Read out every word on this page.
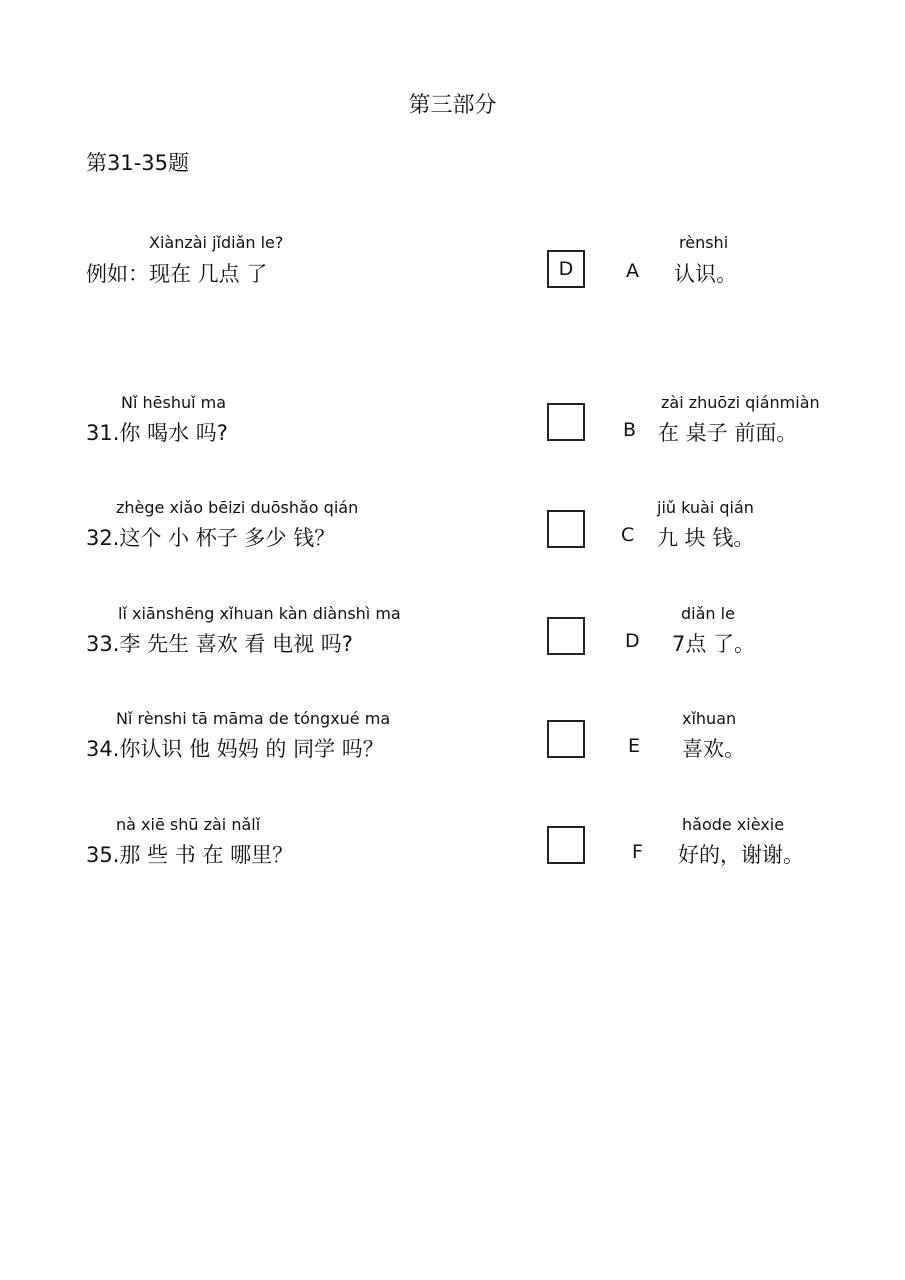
第三部分
第31-35题
Xiànzài jǐdiǎn le?
例如：现在 几点 了	D
Nǐ hēshuǐ ma
31.你 喝水 吗?
zhège xiǎo bēizi duōshǎo qián
32.这个 小 杯子 多少 钱？
lǐ xiānshēng xǐhuan kàn diànshì ma
33.李 先生 喜欢 看 电视 吗?
Nǐ rènshi tā māma de tóngxué ma
34.你认识 他 妈妈 的 同学 吗？
nà xiē shū zài nǎlǐ
35.那 些 书 在 哪里？
A
rènshi
认识。
B
zài zhuōzi qiánmiàn
在 桌子 前面。
C
jiǔ kuài qián
九 块 钱。
D
diǎn le
7点 了。
E
xǐhuan
喜欢。
F
hǎode xièxie
好的，谢谢。
